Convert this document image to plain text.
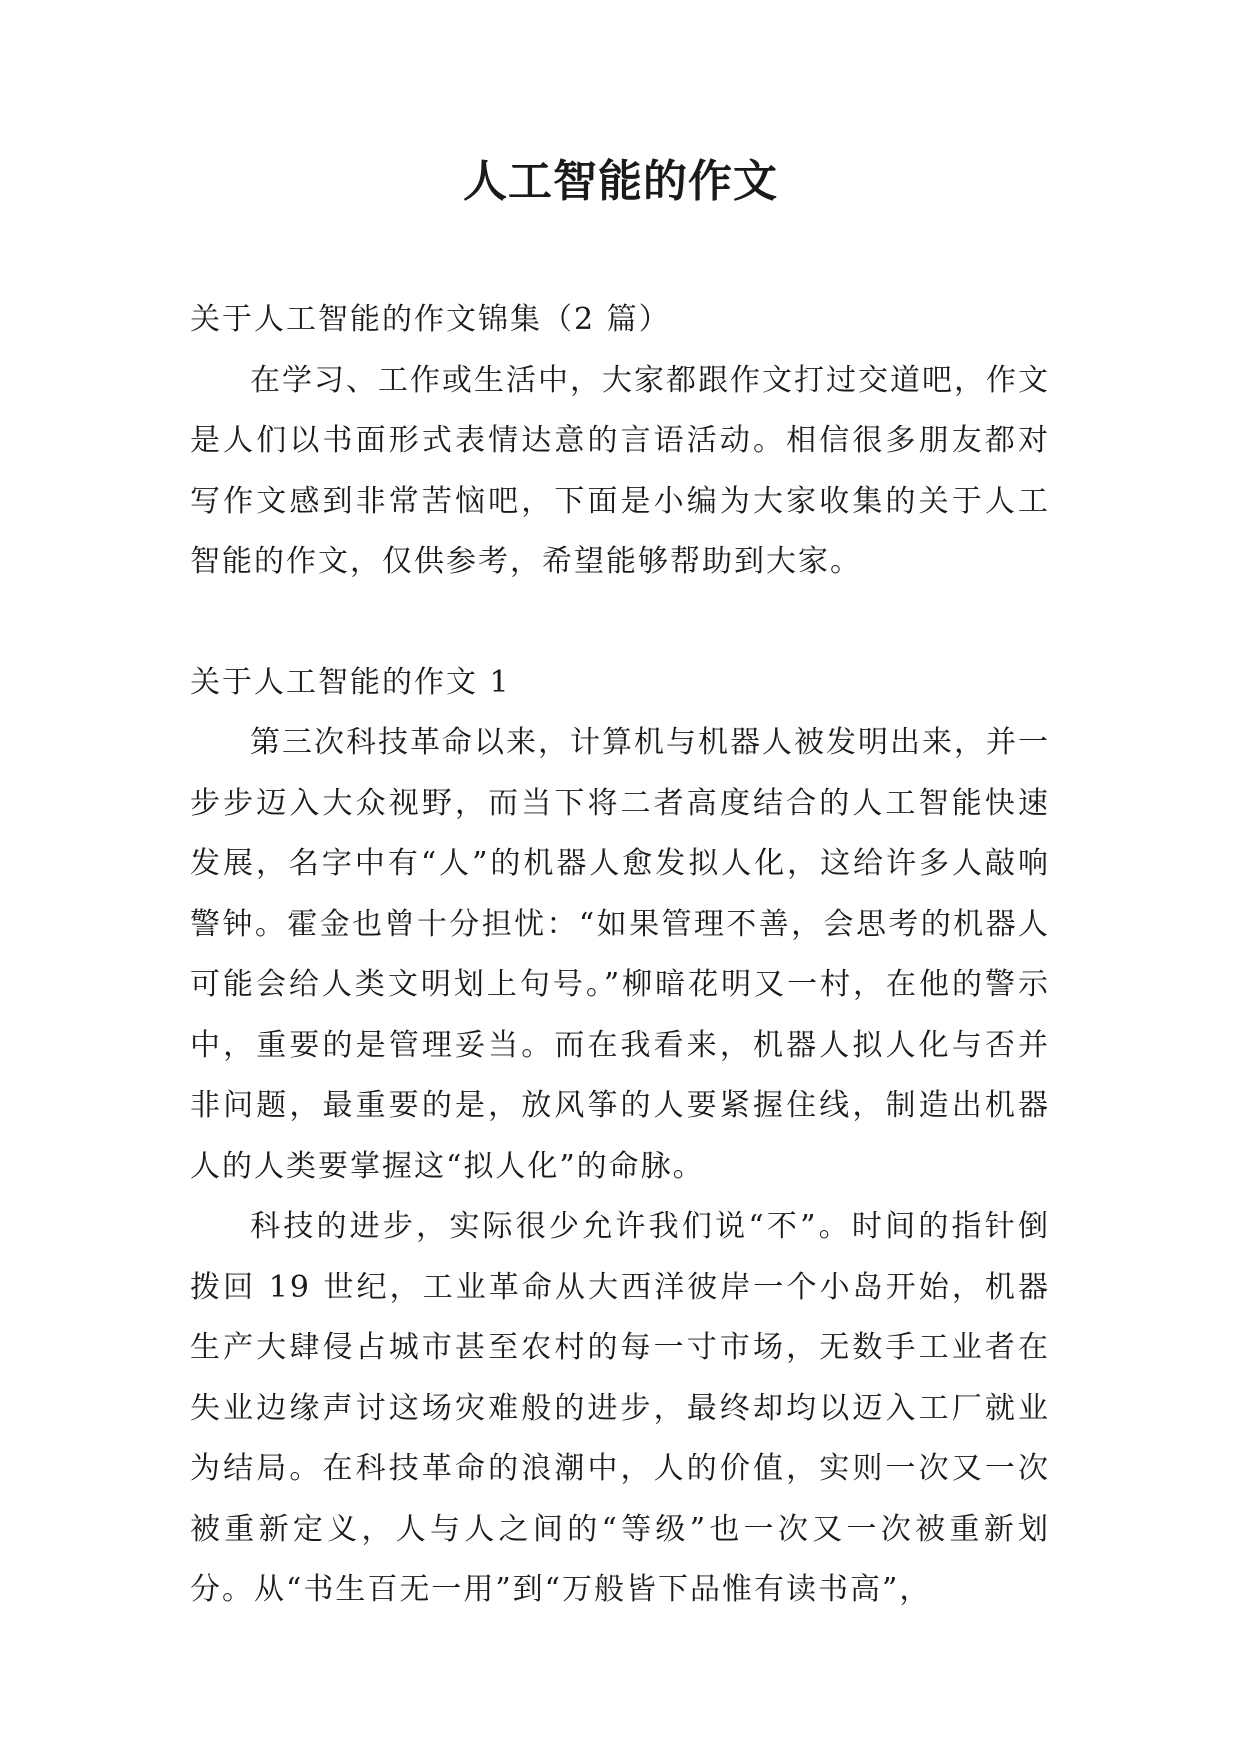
人工智能的作文

关于人工智能的作文锦集（2 篇）

在学习、工作或生活中，大家都跟作文打过交道吧，作文是人们以书面形式表情达意的言语活动。相信很多朋友都对写作文感到非常苦恼吧，下面是小编为大家收集的关于人工智能的作文，仅供参考，希望能够帮助到大家。

关于人工智能的作文 1

第三次科技革命以来，计算机与机器人被发明出来，并一步步迈入大众视野，而当下将二者高度结合的人工智能快速发展，名字中有“人”的机器人愈发拟人化，这给许多人敲响警钟。霍金也曾十分担忧：“如果管理不善，会思考的机器人可能会给人类文明划上句号。”柳暗花明又一村，在他的警示中，重要的是管理妥当。而在我看来，机器人拟人化与否并非问题，最重要的是，放风筝的人要紧握住线，制造出机器人的人类要掌握这“拟人化”的命脉。

科技的进步，实际很少允许我们说“不”。时间的指针倒拨回 19 世纪，工业革命从大西洋彼岸一个小岛开始，机器生产大肆侵占城市甚至农村的每一寸市场，无数手工业者在失业边缘声讨这场灾难般的进步，最终却均以迈入工厂就业为结局。在科技革命的浪潮中，人的价值，实则一次又一次被重新定义，人与人之间的“等级”也一次又一次被重新划分。从“书生百无一用”到“万般皆下品惟有读书高”，
